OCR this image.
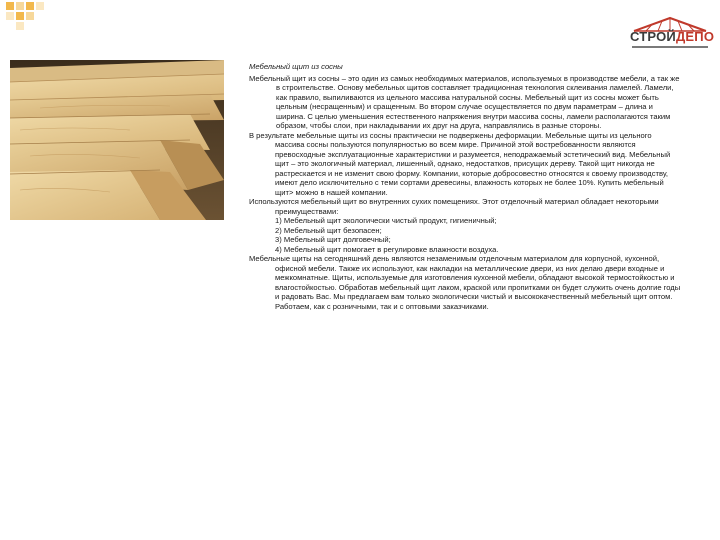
СТРОЙДЕПО
Мебельный щит из сосны

Мебельный щит из сосны – это один из самых необходимых материалов, используемых в производстве мебели, а так же в строительстве. Основу мебельных щитов составляет традиционная технология склеивания ламелей. Ламели, как правило, выпиливаются из цельного массива натуральной сосны. Мебельный щит из сосны может быть цельным (несращенным) и сращенным. Во втором случае осуществляется по двум параметрам – длина и ширина. С целью уменьшения естественного напряжения внутри массива сосны, ламели располагаются таким образом, чтобы слои, при накладывании их друг на друга, направлялись в разные стороны.

В результате мебельные щиты из сосны практически не подвержены деформации. Мебельные щиты из цельного массива сосны пользуются популярностью во всем мире. Причиной этой востребованности являются превосходные эксплуатационные характеристики и разумеется, неподражаемый эстетический вид. Мебельный щит – это экологичный материал, лишенный, однако, недостатков, присущих дереву. Такой щит никогда не растрескается и не изменит свою форму. Компании, которые добросовестно относятся к своему производству, имеют дело исключительно с теми сортами древесины, влажность которых не более 10%. Купить мебельный щит> можно в нашей компании.

Используются мебельный щит во внутренних сухих помещениях. Этот отделочный материал обладает некоторыми преимуществами:

1) Мебельный щит экологически чистый продукт, гигиеничный;
2) Мебельный щит безопасен;
3) Мебельный щит долговечный;
4) Мебельный щит помогает в регулировке влажности воздуха.

Мебельные щиты на сегодняшний день являются незаменимым отделочным материалом для корпусной, кухонной, офисной мебели. Также их используют, как накладки на металлические двери, из них делаю двери входные и межкомнатные. Щиты, используемые для изготовления кухонной мебели, обладают высокой термостойкостью и влагостойкостью. Обработав мебельный щит лаком, краской или пропитками он будет служить очень долгие годы и радовать Вас. Мы предлагаем вам только экологически чистый и высококачественный мебельный щит оптом. Работаем, как с розничными, так и с оптовыми заказчиками.
